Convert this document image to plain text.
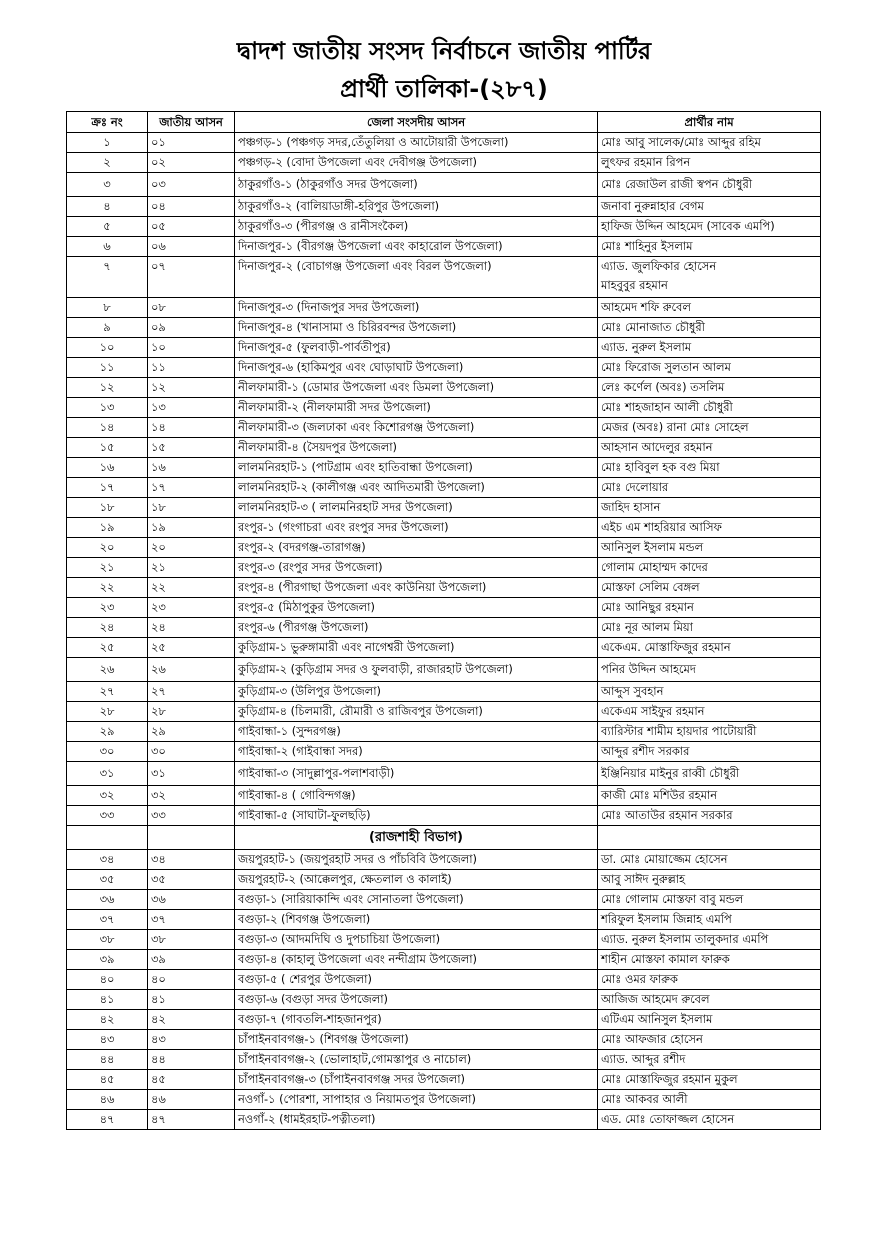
দ্বাদশ জাতীয় সংসদ নির্বাচনে জাতীয় পার্টির
প্রার্থী তালিকা-(২৮৭)
ক্রঃ নং	জাতীয় আসন	জেলা সংসদীয় আসন	প্রার্থীর নাম
১	০১	পঞ্চগড়-১ (পঞ্চগড় সদর,তেঁতুলিয়া ও আটোয়ারী উপজেলা)	মোঃ আবু সালেক/মোঃ আব্দুর রহিম
২	০২	পঞ্চগড়-২ (বোদা উপজেলা এবং দেবীগঞ্জ উপজেলা)	লুৎফর রহমান রিপন
৩	০৩	ঠাকুরগাঁও-১ (ঠাকুরগাঁও সদর উপজেলা)	মোঃ রেজাউল রাজী স্বপন চৌধুরী
৪	০৪	ঠাকুরগাঁও-২ (বালিয়াডাঙ্গী-হরিপুর উপজেলা)	জনাবা নুরুন্নাহার বেগম
৫	০৫	ঠাকুরগাঁও-৩ (পীরগঞ্জ ও রানীসংকৈল)	হাফিজ উদ্দিন আহমেদ (সাবেক এমপি)
৬	০৬	দিনাজপুর-১ (বীরগঞ্জ উপজেলা এবং কাহারোল উপজেলা)	মোঃ শাহিনুর ইসলাম
৭	০৭	দিনাজপুর-২ (বোচাগঞ্জ উপজেলা এবং বিরল উপজেলা)	এ্যাড. জুলফিকার হোসেন
মাহবুবুর রহমান

৮	০৮	দিনাজপুর-৩ (দিনাজপুর সদর উপজেলা)	আহমেদ শফি রুবেল
৯	০৯	দিনাজপুর-৪ (খানাসামা ও চিরিরবন্দর উপজেলা)	মোঃ মোনাজাত চৌধুরী
১০	১০	দিনাজপুর-৫ (ফুলবাড়ী-পার্বতীপুর)	এ্যাড. নুরুল ইসলাম
১১	১১	দিনাজপুর-৬ (হাকিমপুর এবং ঘোড়াঘাট উপজেলা)	মোঃ ফিরোজ সুলতান আলম
১২	১২	নীলফামারী-১ (ডোমার উপজেলা এবং ডিমলা উপজেলা)	লেঃ কর্ণেল (অবঃ) তসলিম
১৩	১৩	নীলফামারী-২ (নীলফামারী সদর উপজেলা)	মোঃ শাহজাহান আলী চৌধুরী
১৪	১৪	নীলফামারী-৩ (জলঢাকা এবং কিশোরগঞ্জ উপজেলা)	মেজর (অবঃ) রানা মোঃ সোহেল
১৫	১৫	নীলফামারী-৪ (সৈয়দপুর উপজেলা)	আহসান আদেলুর রহমান
১৬	১৬	লালমনিরহাট-১ (পাটগ্রাম এবং হাতিবান্ধা উপজেলা)	মোঃ হাবিবুল হক বগু মিয়া
১৭	১৭	লালমনিরহাট-২ (কালীগঞ্জ এবং আদিতমারী উপজেলা)	মোঃ দেলোয়ার
১৮	১৮	লালমনিরহাট-৩ ( লালমনিরহাট সদর উপজেলা)	জাহিদ হাসান
১৯	১৯	রংপুর-১ (গংগাচরা এবং রংপুর সদর উপজেলা)	এইচ এম শাহরিয়ার আসিফ
২০	২০	রংপুর-২ (বদরগঞ্জ-তারাগঞ্জ)	আনিসুল ইসলাম মন্ডল
২১	২১	রংপুর-৩ (রংপুর সদর উপজেলা)	গোলাম মোহাম্মদ কাদের
২২	২২	রংপুর-৪ (পীরগাছা উপজেলা এবং কাউনিয়া উপজেলা)	মোস্তফা সেলিম বেঙ্গল
২৩	২৩	রংপুর-৫ (মিঠাপুকুর উপজেলা)	মোঃ আনিছুর রহমান
২৪	২৪	রংপুর-৬ (পীরগঞ্জ উপজেলা)	মোঃ নূর আলম মিয়া
২৫	২৫	কুড়িগ্রাম-১ ভুরুঙ্গামারী এবং নাগেশ্বরী উপজেলা)	একেএম. মোস্তাফিজুর রহমান
২৬	২৬	কুড়িগ্রাম-২ (কুড়িগ্রাম সদর ও ফুলবাড়ী, রাজারহাট উপজেলা)	পনির উদ্দিন আহমেদ
২৭	২৭	কুড়িগ্রাম-৩ (উলিপুর উপজেলা)	আব্দুস সুবহান
২৮	২৮	কুড়িগ্রাম-৪ (চিলমারী, রৌমারী ও রাজিবপুর উপজেলা)	একেএম সাইফুর রহমান
২৯	২৯	গাইবান্ধা-১ (সুন্দরগঞ্জ)	ব্যারিস্টার শামীম হায়দার পাটোয়ারী
৩০	৩০	গাইবান্ধা-২ (গাইবান্ধা সদর)	আব্দুর রশীদ সরকার
৩১	৩১	গাইবান্ধা-৩ (সাদুল্লাপুর-পলাশবাড়ী)	ইঞ্জিনিয়ার মাইনুর রাব্বী চৌধুরী
৩২	৩২	গাইবান্ধা-৪ ( গোবিন্দগঞ্জ)	কাজী মোঃ মশিউর রহমান
৩৩	৩৩	গাইবান্ধা-৫ (সাঘাটা-ফুলছড়ি)	মোঃ আতাউর রহমান সরকার
		(রাজশাহী বিভাগ)	
৩৪	৩৪	জয়পুরহাট-১ (জয়পুরহাট সদর ও পাঁচবিবি উপজেলা)	ডা. মোঃ মোয়াজ্জেম হোসেন
৩৫	৩৫	জয়পুরহাট-২ (আক্কেলপুর, ক্ষেতলাল ও কালাই)	আবু সাঈদ নুরুল্লাহ
৩৬	৩৬	বগুড়া-১ (সারিয়াকান্দি এবং সোনাতলা উপজেলা)	মোঃ গোলাম মোস্তফা বাবু মন্ডল
৩৭	৩৭	বগুড়া-২ (শিবগঞ্জ উপজেলা)	শরিফুল ইসলাম জিন্নাহ এমপি
৩৮	৩৮	বগুড়া-৩ (আদমদিঘি ও দুপচাচিয়া উপজেলা)	এ্যাড. নুরুল ইসলাম তালুকদার এমপি
৩৯	৩৯	বগুড়া-৪ (কাহালু উপজেলা এবং নন্দীগ্রাম উপজেলা)	শাহীন মোস্তফা কামাল ফারুক
৪০	৪০	বগুড়া-৫ ( শেরপুর উপজেলা)	মোঃ ওমর ফারুক
৪১	৪১	বগুড়া-৬ (বগুড়া সদর উপজেলা)	আজিজ আহমেদ রুবেল
৪২	৪২	বগুড়া-৭ (গাবতলি-শাহজানপুর)	এটিএম আনিসুল ইসলাম
৪৩	৪৩	চাঁপাইনবাবগঞ্জ-১ (শিবগঞ্জ উপজেলা)	মোঃ আফজার হোসেন
৪৪	৪৪	চাঁপাইনবাবগঞ্জ-২ (ভোলাহাট,গোমস্তাপুর ও নাচোল)	এ্যাড. আব্দুর রশীদ
৪৫	৪৫	চাঁপাইনবাবগঞ্জ-৩ (চাঁপাইনবাবগঞ্জ সদর উপজেলা)	মোঃ মোস্তাফিজুর রহমান মুকুল
৪৬	৪৬	নওগাঁ-১ (পোরশা, সাপাহার ও নিয়ামতপুর উপজেলা)	মোঃ আকবর আলী
৪৭	৪৭	নওগাঁ-২ (ধামইরহাট-পত্নীতলা)	এড. মোঃ তোফাজ্জল হোসেন
